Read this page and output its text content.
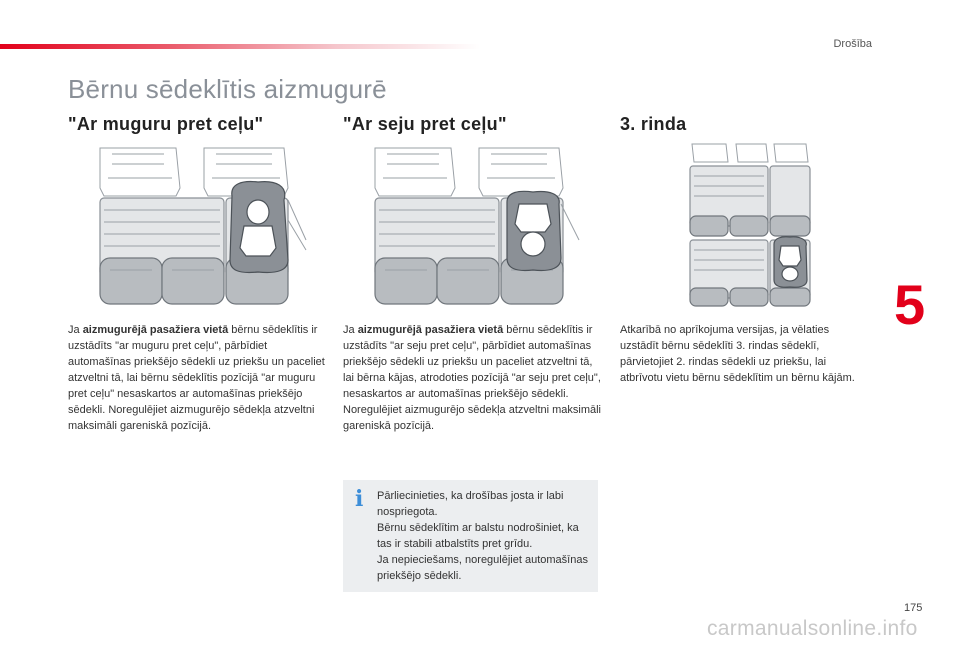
Drošība
Bērnu sēdeklītis aizmugurē
"Ar muguru pret ceļu"
Ja aizmugurējā pasažiera vietā bērnu sēdeklītis ir uzstādīts "ar muguru pret ceļu", pārbīdiet automašīnas priekšējo sēdekli uz priekšu un paceliet atzveltni tā, lai bērnu sēdeklītis pozīcijā "ar muguru pret ceļu" nesaskartos ar automašīnas priekšējo sēdekli. Noregulējiet aizmugurējo sēdekļa atzveltni maksimāli gareniskā pozīcijā.
"Ar seju pret ceļu"
Ja aizmugurējā pasažiera vietā bērnu sēdeklītis ir uzstādīts "ar seju pret ceļu", pārbīdiet automašīnas priekšējo sēdekli uz priekšu un paceliet atzveltni tā, lai bērna kājas, atrodoties pozīcijā "ar seju pret ceļu", nesaskartos ar automašīnas priekšējo sēdekli. Noregulējiet aizmugurējo sēdekļa atzveltni maksimāli gareniskā pozīcijā.
i Pārliecinieties, ka drošības josta ir labi nospriegota.
Bērnu sēdeklītim ar balstu nodrošiniet, ka tas ir stabili atbalstīts pret grīdu.
Ja nepieciešams, noregulējiet automašīnas priekšējo sēdekli.
3. rinda
Atkarībā no aprīkojuma versijas, ja vēlaties uzstādīt bērnu sēdeklīti 3. rindas sēdeklī, pārvietojiet 2. rindas sēdekli uz priekšu, lai atbrīvotu vietu bērnu sēdeklītim un bērnu kājām.
5
175
carmanualsonline.info
